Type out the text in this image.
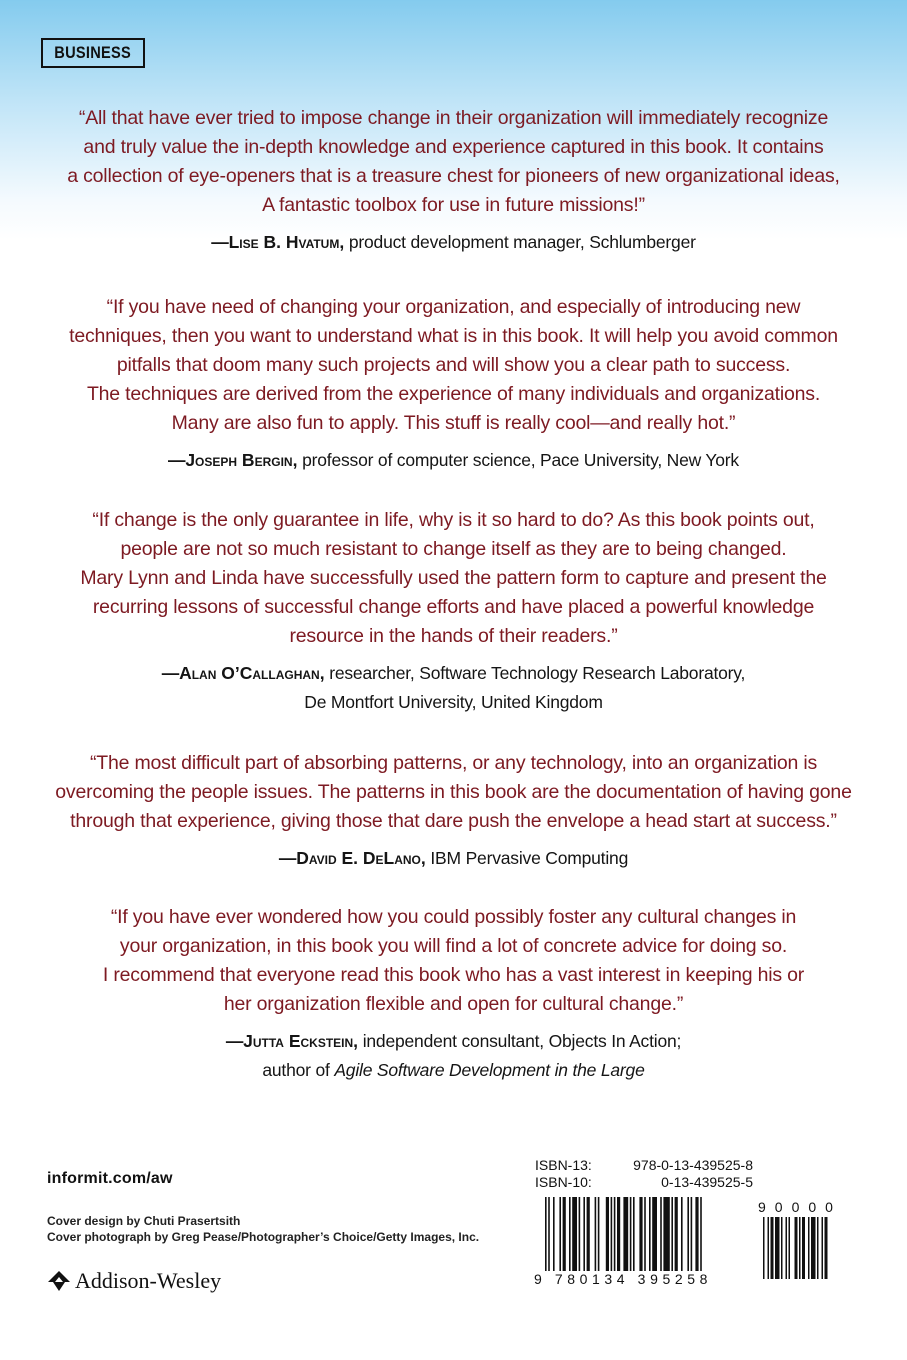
BUSINESS

“All that have ever tried to impose change in their organization will immediately recognize
and truly value the in-depth knowledge and experience captured in this book. It contains
a collection of eye-openers that is a treasure chest for pioneers of new organizational ideas,
A fantastic toolbox for use in future missions!”

—Lise B. Hvatum, product development manager, Schlumberger

“If you have need of changing your organization, and especially of introducing new
techniques, then you want to understand what is in this book. It will help you avoid common
pitfalls that doom many such projects and will show you a clear path to success.
The techniques are derived from the experience of many individuals and organizations.
Many are also fun to apply. This stuff is really cool—and really hot.”

—Joseph Bergin, professor of computer science, Pace University, New York

“If change is the only guarantee in life, why is it so hard to do? As this book points out,
people are not so much resistant to change itself as they are to being changed.
Mary Lynn and Linda have successfully used the pattern form to capture and present the
recurring lessons of successful change efforts and have placed a powerful knowledge
resource in the hands of their readers.”

—Alan O’Callaghan, researcher, Software Technology Research Laboratory,
De Montfort University, United Kingdom

“The most difficult part of absorbing patterns, or any technology, into an organization is
overcoming the people issues. The patterns in this book are the documentation of having gone
through that experience, giving those that dare push the envelope a head start at success.”

—David E. DeLano, IBM Pervasive Computing

“If you have ever wondered how you could possibly foster any cultural changes in
your organization, in this book you will find a lot of concrete advice for doing so.
I recommend that everyone read this book who has a vast interest in keeping his or
her organization flexible and open for cultural change.”

—Jutta Eckstein, independent consultant, Objects In Action;
author of Agile Software Development in the Large
informit.com/aw
Cover design by Chuti Prasertsith
Cover photograph by Greg Pease/Photographer’s Choice/Getty Images, Inc.
Addison-Wesley
ISBN-13:	978-0-13-439525-8
ISBN-10:	0-13-439525-5
9 780134 395258
90000
